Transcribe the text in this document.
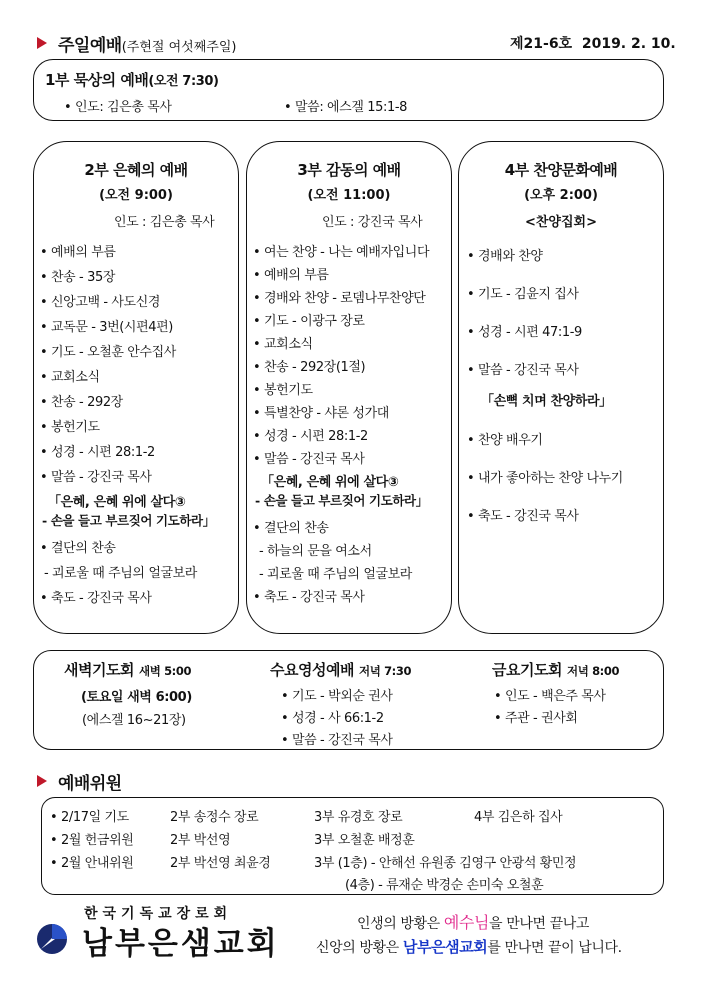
주일예배(주현절 여섯째주일)	제21-6호 2019. 2. 10.
1부 묵상의 예배(오전 7:30)
• 인도: 김은총 목사	• 말씀: 에스겔 15:1-8
2부 은혜의 예배
(오전 9:00)
인도 : 김은총 목사
• 예배의 부름
• 찬송 - 35장
• 신앙고백 - 사도신경
• 교독문 - 3번(시편4편)
• 기도 - 오철훈 안수집사
• 교회소식
• 찬송 - 292장
• 봉헌기도
• 성경 - 시편 28:1-2
• 말씀 - 강진국 목사
「은혜, 은혜 위에 살다③
- 손을 들고 부르짖어 기도하라」
• 결단의 찬송
- 괴로울 때 주님의 얼굴보라
• 축도 - 강진국 목사
3부 감동의 예배
(오전 11:00)
인도 : 강진국 목사
• 여는 찬양 - 나는 예배자입니다
• 예배의 부름
• 경배와 찬양 - 로뎀나무찬양단
• 기도 - 이광구 장로
• 교회소식
• 찬송 - 292장(1절)
• 봉헌기도
• 특별찬양 - 샤론 성가대
• 성경 - 시편 28:1-2
• 말씀 - 강진국 목사
「은혜, 은혜 위에 살다③
- 손을 들고 부르짖어 기도하라」
• 결단의 찬송
- 하늘의 문을 여소서
- 괴로울 때 주님의 얼굴보라
• 축도 - 강진국 목사
4부 찬양문화예배
(오후 2:00)
<찬양집회>
• 경배와 찬양
• 기도 - 김윤지 집사
• 성경 - 시편 47:1-9
• 말씀 - 강진국 목사
「손뼉 치며 찬양하라」
• 찬양 배우기
• 내가 좋아하는 찬양 나누기
• 축도 - 강진국 목사
새벽기도회 새벽 5:00
(토요일 새벽 6:00)
(에스겔 16~21장)
수요영성예배 저녁 7:30
• 기도 - 박외순 권사
• 성경 - 사 66:1-2
• 말씀 - 강진국 목사
금요기도회 저녁 8:00
• 인도 - 백은주 목사
• 주관 - 권사회
예배위원
• 2/17일 기도	2부 송정수 장로	3부 유경호 장로	4부 김은하 집사
• 2월 헌금위원	2부 박선영	3부 오철훈 배정훈
• 2월 안내위원	2부 박선영 최윤경	3부 (1층) - 안해선 유원종 김영구 안광석 황민정
(4층) - 류재순 박경순 손미숙 오철훈
한국기독교장로회
남부은샘교회
인생의 방황은 예수님을 만나면 끝나고
신앙의 방황은 남부은샘교회를 만나면 끝이 납니다.
